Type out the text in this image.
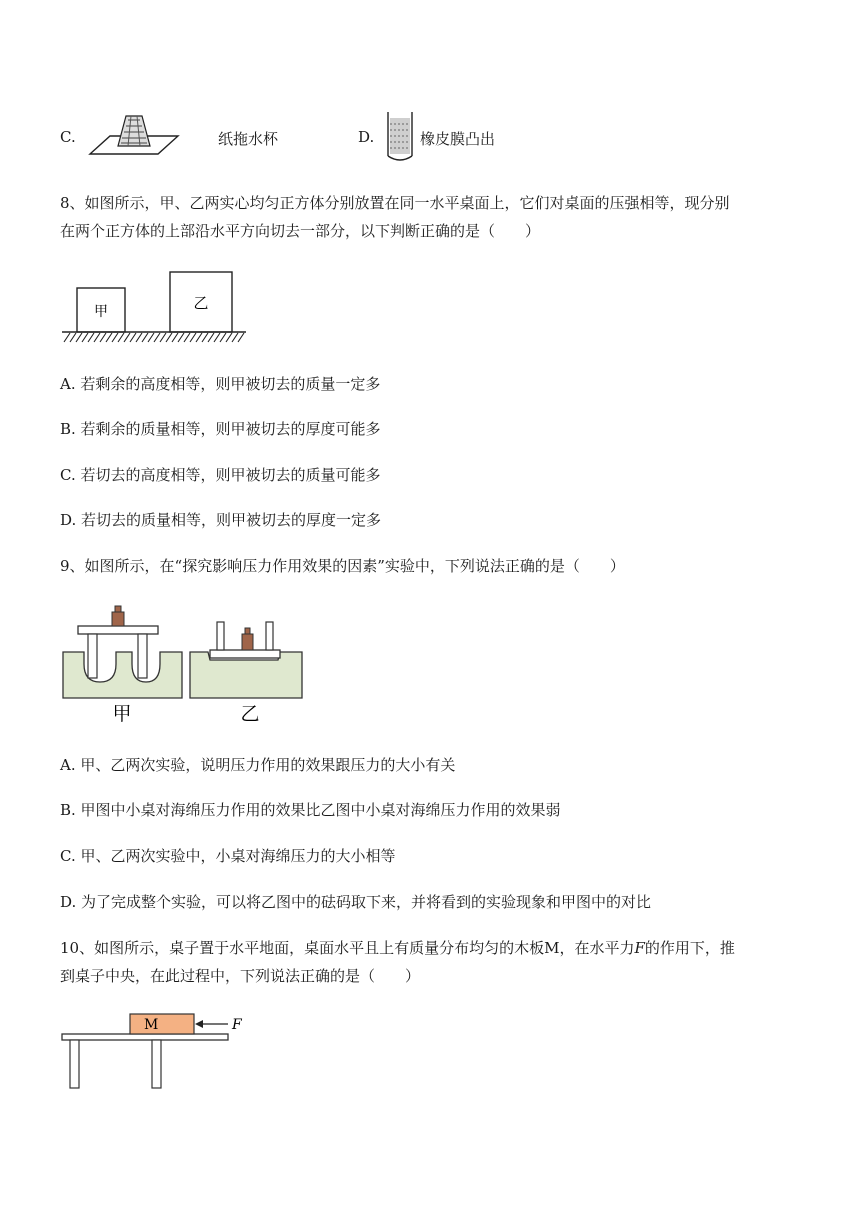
C.	纸拖水杯	D.	橡皮膜凸出
8、如图所示，甲、乙两实心均匀正方体分别放置在同一水平桌面上，它们对桌面的压强相等，现分别
在两个正方体的上部沿水平方向切去一部分，以下判断正确的是（　　）
甲	乙
A. 若剩余的高度相等，则甲被切去的质量一定多
B. 若剩余的质量相等，则甲被切去的厚度可能多
C. 若切去的高度相等，则甲被切去的质量可能多
D. 若切去的质量相等，则甲被切去的厚度一定多
9、如图所示，在“探究影响压力作用效果的因素”实验中，下列说法正确的是（　　）
甲	乙
A. 甲、乙两次实验，说明压力作用的效果跟压力的大小有关
B. 甲图中小桌对海绵压力作用的效果比乙图中小桌对海绵压力作用的效果弱
C. 甲、乙两次实验中，小桌对海绵压力的大小相等
D. 为了完成整个实验，可以将乙图中的砝码取下来，并将看到的实验现象和甲图中的对比
10、如图所示，桌子置于水平地面，桌面水平且上有质量分布均匀的木板M，在水平力F的作用下，推
到桌子中央，在此过程中，下列说法正确的是（　　）
M	F
